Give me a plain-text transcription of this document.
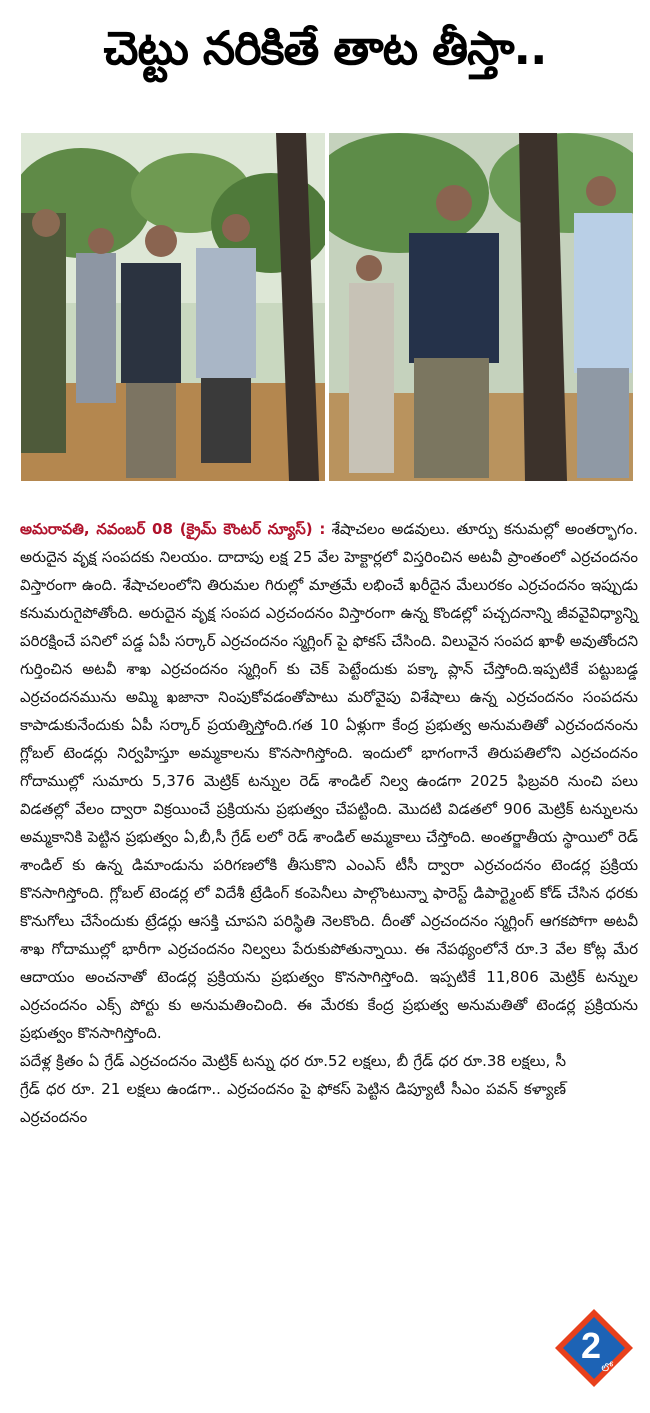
చెట్టు నరికితే తాట తీస్తా..

అమరావతి, నవంబర్ 08 (క్రైమ్ కౌంటర్ న్యూస్) : శేషాచలం అడవులు. తూర్పు కనుమల్లో అంతర్భాగం. అరుదైన వృక్ష సంపదకు నిలయం. దాదాపు లక్ష 25 వేల హెక్టార్లలో విస్తరించిన అటవీ ప్రాంతంలో ఎర్రచందనం విస్తారంగా ఉంది. శేషాచలంలోని తిరుమల గిరుల్లో మాత్రమే లభించే ఖరీదైన మేలురకం ఎర్రచందనం ఇప్పుడు కనుమరుగైపోతోంది. అరుదైన వృక్ష సంపద ఎర్రచందనం విస్తారంగా ఉన్న కొండల్లో పచ్చదనాన్ని జీవవైవిధ్యాన్ని పరిరక్షించే పనిలో పడ్డ ఏపీ సర్కార్ ఎర్రచందనం స్మగ్లింగ్ పై ఫోకస్ చేసింది. విలువైన సంపద ఖాళీ అవుతోందని గుర్తించిన అటవీ శాఖ ఎర్రచందనం స్మగ్లింగ్ కు చెక్ పెట్టేందుకు పక్కా ప్లాన్ చేస్తోంది.ఇప్పటికే పట్టుబడ్డ ఎర్రచందనమును అమ్మి ఖజానా నింపుకోవడంతోపాటు మరోవైపు విశేషాలు ఉన్న ఎర్రచందనం సంపదను కాపాడుకునేందుకు ఏపీ సర్కార్ ప్రయత్నిస్తోంది.గత 10 ఏళ్లుగా కేంద్ర ప్రభుత్వ అనుమతితో ఎర్రచందనంను గ్లోబల్ టెండర్లు నిర్వహిస్తూ అమ్మకాలను కొనసాగిస్తోంది. ఇందులో భాగంగానే తిరుపతిలోని ఎర్రచందనం గోదాముల్లో సుమారు 5,376 మెట్రిక్ టన్నుల రెడ్ శాండిల్ నిల్వ ఉండగా 2025 ఫిబ్రవరి నుంచి పలు విడతల్లో వేలం ద్వారా విక్రయించే ప్రక్రియను ప్రభుత్వం చేపట్టింది. మొదటి విడతలో 906 మెట్రిక్ టన్నులను అమ్మకానికి పెట్టిన ప్రభుత్వం ఏ,బీ,సీ గ్రేడ్ లలో రెడ్ శాండిల్ అమ్మకాలు చేస్తోంది. అంతర్జాతీయ స్థాయిలో రెడ్ శాండిల్ కు ఉన్న డిమాండును పరిగణలోకి తీసుకొని ఎంఎస్ టీసీ ద్వారా ఎర్రచందనం టెండర్ల ప్రక్రియ కొనసాగిస్తోంది. గ్లోబల్ టెండర్ల లో విదేశీ ట్రేడింగ్ కంపెనీలు పాల్గొంటున్నా ఫారెస్ట్ డిపార్ట్మెంట్ కోడ్ చేసిన ధరకు కొనుగోలు చేసేందుకు ట్రేడర్లు ఆసక్తి చూపని పరిస్థితి నెలకొంది. దీంతో ఎర్రచందనం స్మగ్లింగ్ ఆగకపోగా అటవీ శాఖ గోదాముల్లో భారీగా ఎర్రచందనం నిల్వలు పేరుకుపోతున్నాయి. ఈ నేపథ్యంలోనే రూ.3 వేల కోట్ల మేర ఆదాయం అంచనాతో టెండర్ల ప్రక్రియను ప్రభుత్వం కొనసాగిస్తోంది. ఇప్పటికే 11,806 మెట్రిక్ టన్నుల ఎర్రచందనం ఎక్స్ పోర్టు కు అనుమతించింది. ఈ మేరకు కేంద్ర ప్రభుత్వ అనుమతితో టెండర్ల ప్రక్రియను ప్రభుత్వం కొనసాగిస్తోంది.

పదేళ్ల క్రితం ఏ గ్రేడ్ ఎర్రచందనం మెట్రిక్ టన్ను ధర రూ.52 లక్షలు, బీ గ్రేడ్ ధర రూ.38 లక్షలు, సీ గ్రేడ్ ధర రూ. 21 లక్షలు ఉండగా.. ఎర్రచందనం పై ఫోకస్ పెట్టిన డిప్యూటీ సీఎం పవన్ కళ్యాణ్ ఎర్రచందనం

2
లో
